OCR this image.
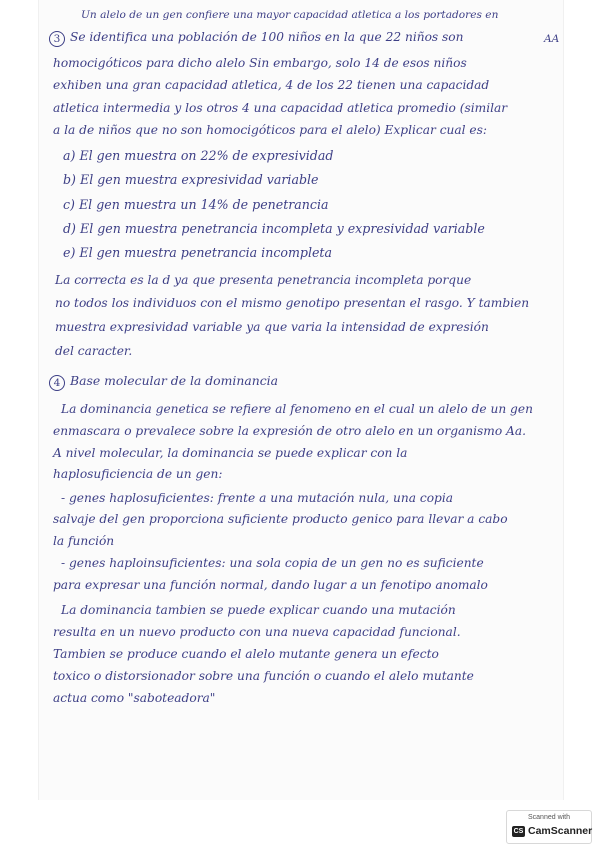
Un alelo de un gen confiere una mayor capacidad atletica a los portadores en
AA
3 Se identifica una población de 100 niños en la que 22 niños son
homocigóticos para dicho alelo Sin embargo, solo 14 de esos niños
exhiben una gran capacidad atletica, 4 de los 22 tienen una capacidad
atletica intermedia y los otros 4 una capacidad atletica promedio (similar
a la de niños que no son homocigóticos para el alelo) Explicar cual es:
a) El gen muestra on 22% de expresividad
b) El gen muestra expresividad variable
c) El gen muestra un 14% de penetrancia
d) El gen muestra penetrancia incompleta y expresividad variable
e) El gen muestra penetrancia incompleta
La correcta es la d ya que presenta penetrancia incompleta porque
no todos los individuos con el mismo genotipo presentan el rasgo. Y tambien
muestra expresividad variable ya que varia la intensidad de expresión
del caracter.
4 Base molecular de la dominancia
La dominancia genetica se refiere al fenomeno en el cual un alelo de un gen
enmascara o prevalece sobre la expresión de otro alelo en un organismo Aa.
A nivel molecular, la dominancia se puede explicar con la
haplosuficiencia de un gen:
- genes haplosuficientes: frente a una mutación nula, una copia
salvaje del gen proporciona suficiente producto genico para llevar a cabo
la función
- genes haploinsuficientes: una sola copia de un gen no es suficiente
para expresar una función normal, dando lugar a un fenotipo anomalo
La dominancia tambien se puede explicar cuando una mutación
resulta en un nuevo producto con una nueva capacidad funcional.
Tambien se produce cuando el alelo mutante genera un efecto
toxico o distorsionador sobre una función o cuando el alelo mutante
actua como "saboteadora"
Scanned with
CS CamScanner
